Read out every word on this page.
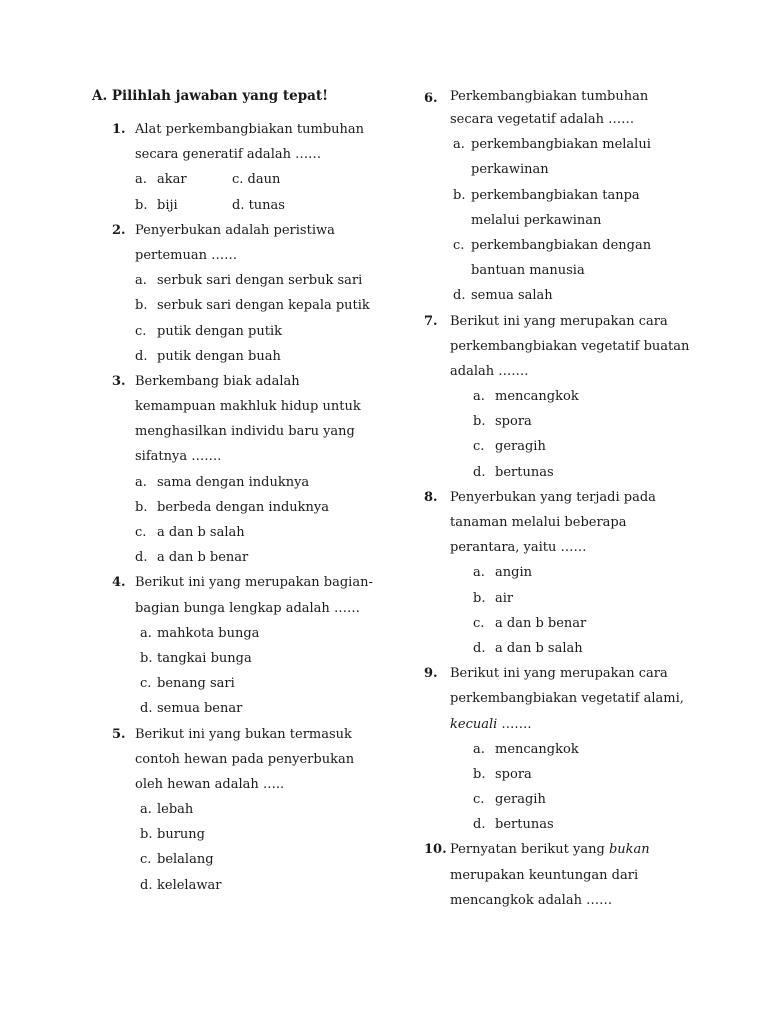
A. Pilihlah jawaban yang tepat!
1. Alat perkembangbiakan tumbuhan
secara generatif adalah ……
a. akar	c. daun
b. biji	d. tunas
2. Penyerbukan adalah peristiwa
pertemuan ……
a. serbuk sari dengan serbuk sari
b. serbuk sari dengan kepala putik
c. putik dengan putik
d. putik dengan buah
3. Berkembang biak adalah
kemampuan makhluk hidup untuk
menghasilkan individu baru yang
sifatnya …….
a. sama dengan induknya
b. berbeda dengan induknya
c. a dan b salah
d. a dan b benar
4. Berikut ini yang merupakan bagian-
bagian bunga lengkap adalah ……
a. mahkota bunga
b. tangkai bunga
c. benang sari
d. semua benar
5. Berikut ini yang bukan termasuk
contoh hewan pada penyerbukan
oleh hewan adalah …..
a. lebah
b. burung
c. belalang
d. kelelawar
6. Perkembangbiakan tumbuhan
secara vegetatif adalah ……
a. perkembangbiakan melalui
perkawinan
b. perkembangbiakan tanpa
melalui perkawinan
c. perkembangbiakan dengan
bantuan manusia
d. semua salah
7. Berikut ini yang merupakan cara
perkembangbiakan vegetatif buatan
adalah …….
a. mencangkok
b. spora
c. geragih
d. bertunas
8. Penyerbukan yang terjadi pada
tanaman melalui beberapa
perantara, yaitu ……
a. angin
b. air
c. a dan b benar
d. a dan b salah
9. Berikut ini yang merupakan cara
perkembangbiakan vegetatif alami,
kecuali …….
a. mencangkok
b. spora
c. geragih
d. bertunas
10. Pernyatan berikut yang bukan
merupakan keuntungan dari
mencangkok adalah ……
